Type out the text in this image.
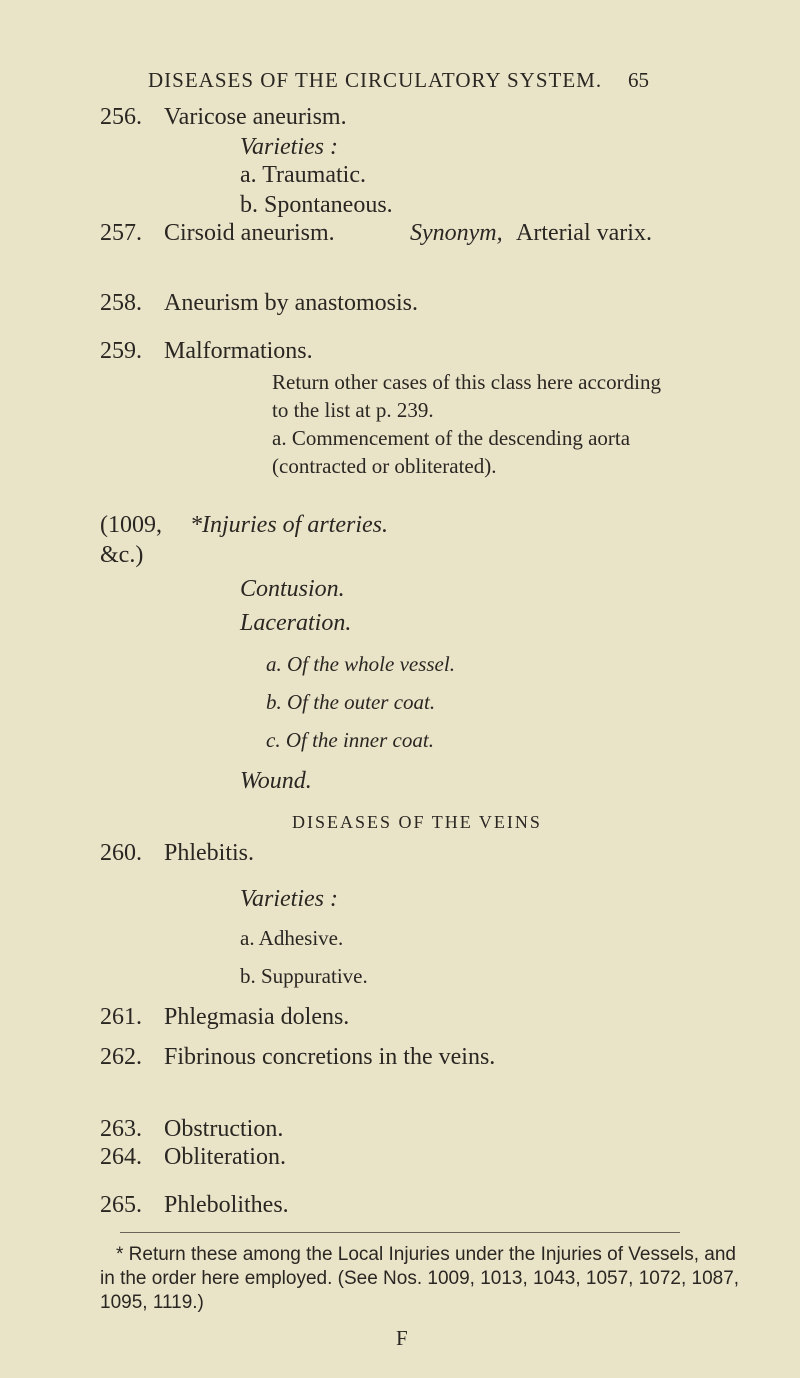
DISEASES OF THE CIRCULATORY SYSTEM. 65
256. Varicose aneurism.
Varieties :
a. Traumatic.
b. Spontaneous.
257. Cirsoid aneurism.	Synonym, Arterial varix.
258. Aneurism by anastomosis.
259. Malformations.
Return other cases of this class here according
to the list at p. 239.
a. Commencement of the descending aorta
(contracted or obliterated).
(1009, *Injuries of arteries.
&c.)
Contusion.
Laceration.
a. Of the whole vessel.
b. Of the outer coat.
c. Of the inner coat.
Wound.
DISEASES OF THE VEINS
260. Phlebitis.
Varieties :
a. Adhesive.
b. Suppurative.
261. Phlegmasia dolens.
262. Fibrinous concretions in the veins.
263. Obstruction.
264. Obliteration.
265. Phlebolithes.
* Return these among the Local Injuries under the Injuries of Vessels, and
in the order here employed. (See Nos. 1009, 1013, 1043, 1057, 1072, 1087,
1095, 1119.)
F
